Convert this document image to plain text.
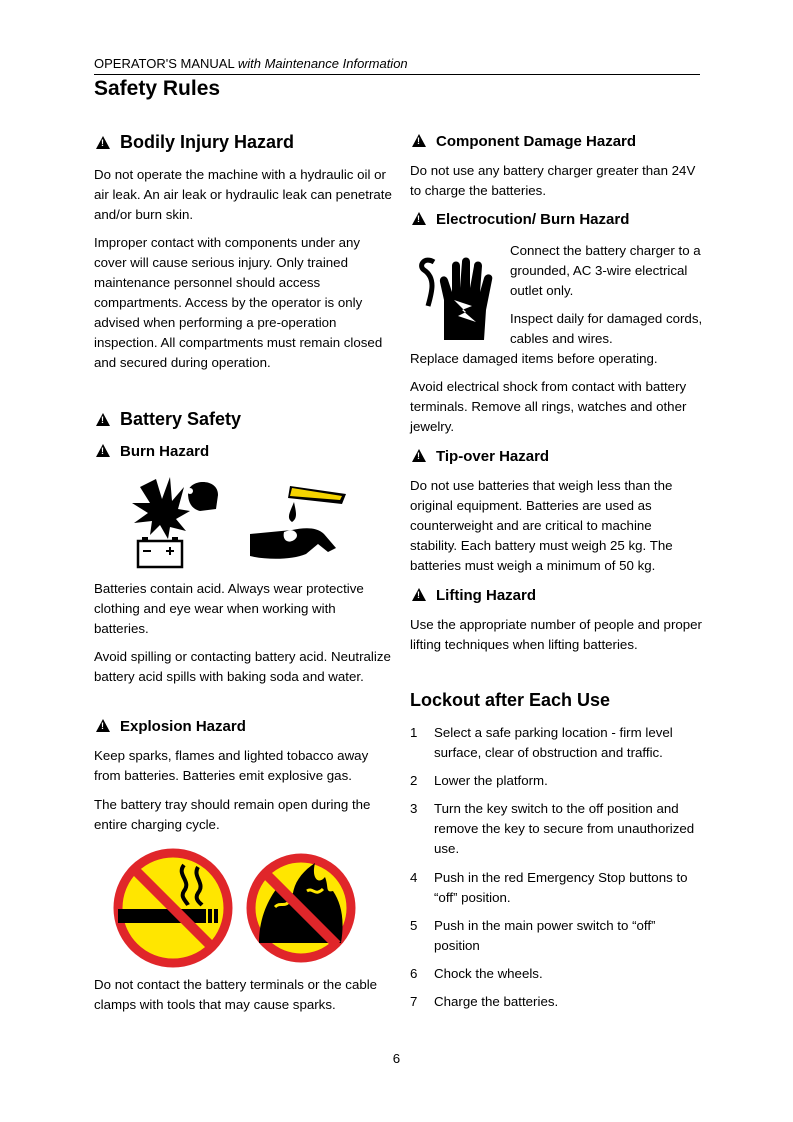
OPERATOR'S MANUAL with Maintenance Information
Safety Rules
!Bodily Injury Hazard

Do not operate the machine with a hydraulic oil or air leak. An air leak or hydraulic leak can penetrate and/or burn skin.

Improper contact with components under any cover will cause serious injury. Only trained maintenance personnel should access compartments. Access by the operator is only advised when performing a pre-operation inspection. All compartments must remain closed and secured during operation.

!Battery Safety
!Burn Hazard

Batteries contain acid. Always wear protective clothing and eye wear when working with batteries.

Avoid spilling or contacting battery acid. Neutralize battery acid spills with baking soda and water.

!Explosion Hazard

Keep sparks, flames and lighted tobacco away from batteries. Batteries emit explosive gas.

The battery tray should remain open during the entire charging cycle.

Do not contact the battery terminals or the cable clamps with tools that may cause sparks.

!Component Damage Hazard

Do not use any battery charger greater than 24V to charge the batteries.

!Electrocution/ Burn Hazard

Connect the battery charger to a grounded, AC 3-wire electrical outlet only.

Inspect daily for damaged cords, cables and wires.

Replace damaged items before operating.

Avoid electrical shock from contact with battery terminals. Remove all rings, watches and other jewelry.

!Tip-over Hazard

Do not use batteries that weigh less than the original equipment. Batteries are used as counterweight and are critical to machine stability. Each battery must weigh 25 kg. The batteries must weigh a minimum of 50 kg.

!Lifting Hazard

Use the appropriate number of people and proper lifting techniques when lifting batteries.

Lockout after Each Use
1 Select a safe parking location - firm level surface, clear of obstruction and traffic.
2 Lower the platform.
3 Turn the key switch to the off position and remove the key to secure from unauthorized use.
4 Push in the red Emergency Stop buttons to “off” position.
5 Push in the main power switch to “off” position
6 Chock the wheels.
7 Charge the batteries.
6
